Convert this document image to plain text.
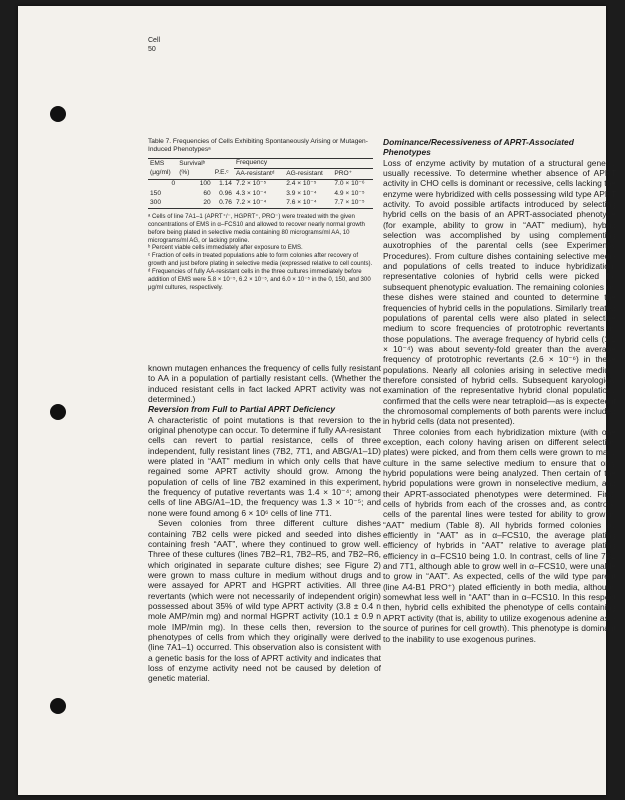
Cell
50
Table 7. Frequencies of Cells Exhibiting Spontaneously Arising or Mutagen-Induced Phenotypesᵃ
EMS	Survivalᵇ		Frequency		
(μg/ml)	(%)	P.E.ᶜ	AA-resistantᵈ	AG-resistant	PRO⁺
0	100	1.14	7.2 × 10⁻⁵	2.4 × 10⁻⁵	7.0 × 10⁻⁶
150	60	0.96	4.3 × 10⁻⁴	3.9 × 10⁻⁴	4.9 × 10⁻⁵
300	20	0.76	7.2 × 10⁻⁴	7.6 × 10⁻⁴	7.7 × 10⁻⁵

ᵃ Cells of line 7A1–1 (APRT⁺/⁻, HGPRT⁺, PRO⁻) were treated with the given concentrations of EMS in α–FCS10 and allowed to recover nearly normal growth before being plated in selective media containing 80 micrograms/ml AA, 10 micrograms/ml AG, or lacking proline.

ᵇ Percent viable cells immediately after exposure to EMS.

ᶜ Fraction of cells in treated populations able to form colonies after recovery of growth and just before plating in selective media (expressed relative to cell counts).

ᵈ Frequencies of fully AA-resistant cells in the three cultures immediately before addition of EMS were 5.8 × 10⁻⁵, 6.2 × 10⁻⁵, and 6.0 × 10⁻⁵ in the 0, 150, and 300 μg/ml cultures, respectively.

known mutagen enhances the frequency of cells fully resistant to AA in a population of partially resistant cells. (Whether the induced resistant cells in fact lacked APRT activity was not determined.)

Reversion from Full to Partial APRT Deficiency

A characteristic of point mutations is that reversion to the original phenotype can occur. To determine if fully AA-resistant cells can revert to partial resistance, cells of three independent, fully resistant lines (7B2, 7T1, and ABG/A1–1D) were plated in “AAT” medium in which only cells that have regained some APRT activity should grow. Among the population of cells of line 7B2 examined in this experiment, the frequency of putative revertants was 1.4 × 10⁻⁴; among cells of line ABG/A1–1D, the frequency was 1.3 × 10⁻⁵; and none were found among 6 × 10⁶ cells of line 7T1.

Seven colonies from three different culture dishes containing 7B2 cells were picked and seeded into dishes containing fresh “AAT”, where they continued to grow well. Three of these cultures (lines 7B2–R1, 7B2–R5, and 7B2–R6, which originated in separate culture dishes; see Figure 2) were grown to mass culture in medium without drugs and were assayed for APRT and HGPRT activities. All three revertants (which were not necessarily of independent origin) possessed about 35% of wild type APRT activity (3.8 ± 0.4 n mole AMP/min mg) and normal HGPRT activity (10.1 ± 0.9 n mole IMP/min mg). In these cells then, reversion to the phenotypes of cells from which they originally were derived (line 7A1–1) occurred. This observation also is consistent with a genetic basis for the loss of APRT activity and indicates that loss of enzyme activity need not be caused by deletion of genetic material.

Dominance/Recessiveness of APRT-Associated Phenotypes

Loss of enzyme activity by mutation of a structural gene is usually recessive. To determine whether absence of APRT activity in CHO cells is dominant or recessive, cells lacking the enzyme were hybridized with cells possessing wild type APRT activity. To avoid possible artifacts introduced by selecting hybrid cells on the basis of an APRT-associated phenotype (for example, ability to grow in “AAT” medium), hybrid selection was accomplished by using complementing auxotrophies of the parental cells (see Experimental Procedures). From culture dishes containing selective media and populations of cells treated to induce hybridization, representative colonies of hybrid cells were picked for subsequent phenotypic evaluation. The remaining colonies on these dishes were stained and counted to determine the frequencies of hybrid cells in the populations. Similarly treated populations of parental cells were also plated in selective medium to score frequencies of prototrophic revertants in those populations. The average frequency of hybrid cells (1.9 × 10⁻⁴) was about seventy-fold greater than the average frequency of prototrophic revertants (2.6 × 10⁻⁶) in these populations. Nearly all colonies arising in selective medium therefore consisted of hybrid cells. Subsequent karyological examination of the representative hybrid clonal populations confirmed that the cells were near tetraploid—as is expected if the chromosomal complements of both parents were included in hybrid cells (data not presented).

Three colonies from each hybridization mixture (with one exception, each colony having arisen on different selection plates) were picked, and from them cells were grown to mass culture in the same selective medium to ensure that only hybrid populations were being analyzed. Then certain of the hybrid populations were grown in nonselective medium, and their APRT-associated phenotypes were determined. First, cells of hybrids from each of the crosses and, as controls, cells of the parental lines were tested for ability to grow in “AAT” medium (Table 8). All hybrids formed colonies as efficiently in “AAT” as in α–FCS10, the average plating efficiency of hybrids in “AAT” relative to average plating efficiency in α–FCS10 being 1.0. In contrast, cells of line 7B2 and 7T1, although able to grow well in α–FCS10, were unable to grow in “AAT”. As expected, cells of the wild type parent (line A4-B1 PRO⁺) plated efficiently in both media, although somewhat less well in “AAT” than in α–FCS10. In this respect then, hybrid cells exhibited the phenotype of cells containing APRT activity (that is, ability to utilize exogenous adenine as a source of purines for cell growth). This phenotype is dominant to the inability to use exogenous purines.
